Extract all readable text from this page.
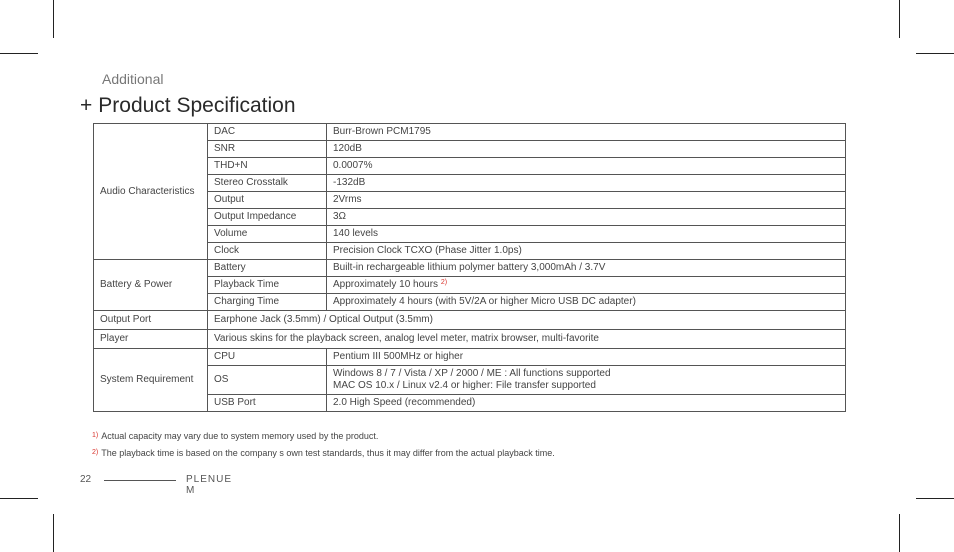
Additional
+ Product Specification
Audio Characteristics	DAC	Burr-Brown PCM1795
	SNR	120dB
	THD+N	0.0007%
	Stereo Crosstalk	-132dB
	Output	2Vrms
	Output Impedance	3Ω
	Volume	140 levels
	Clock	Precision Clock TCXO (Phase Jitter 1.0ps)
Battery & Power	Battery	Built-in rechargeable lithium polymer battery 3,000mAh / 3.7V
	Playback Time	Approximately 10 hours $^{2)}$
	Charging Time	Approximately 4 hours (with 5V/2A or higher Micro USB DC adapter)
Output Port	Earphone Jack (3.5mm) / Optical Output (3.5mm)	
Player	Various skins for the playback screen, analog level meter, matrix browser, multi-favorite	
System Requirement	CPU	Pentium III 500MHz or higher
	OS	Windows 8 / 7 / Vista / XP / 2000 / ME : All functions supported
MAC OS 10.x / Linux v2.4 or higher: File transfer supported

	USB Port	2.0 High Speed (recommended)
$^{1)}$ Actual capacity may vary due to system memory used by the product.
$^{2)}$ The playback time is based on the company s own test standards, thus it may differ from the actual playback time.
22	PLENUE M
